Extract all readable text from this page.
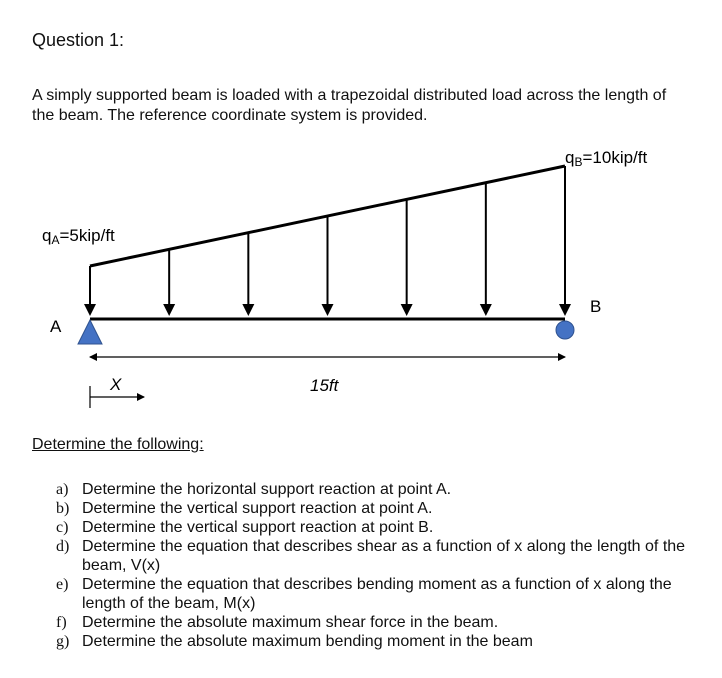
Question 1:
A simply supported beam is loaded with a trapezoidal distributed load across the length of the beam. The reference coordinate system is provided.
qA=5kip/ft
qB=10kip/ft
A
B
15ft
X
Determine the following:
a) Determine the horizontal support reaction at point A.
b) Determine the vertical support reaction at point A.
c) Determine the vertical support reaction at point B.
d) Determine the equation that describes shear as a function of x along the length of the beam, V(x)
e) Determine the equation that describes bending moment as a function of x along the length of the beam, M(x)
f) Determine the absolute maximum shear force in the beam.
g) Determine the absolute maximum bending moment in the beam
